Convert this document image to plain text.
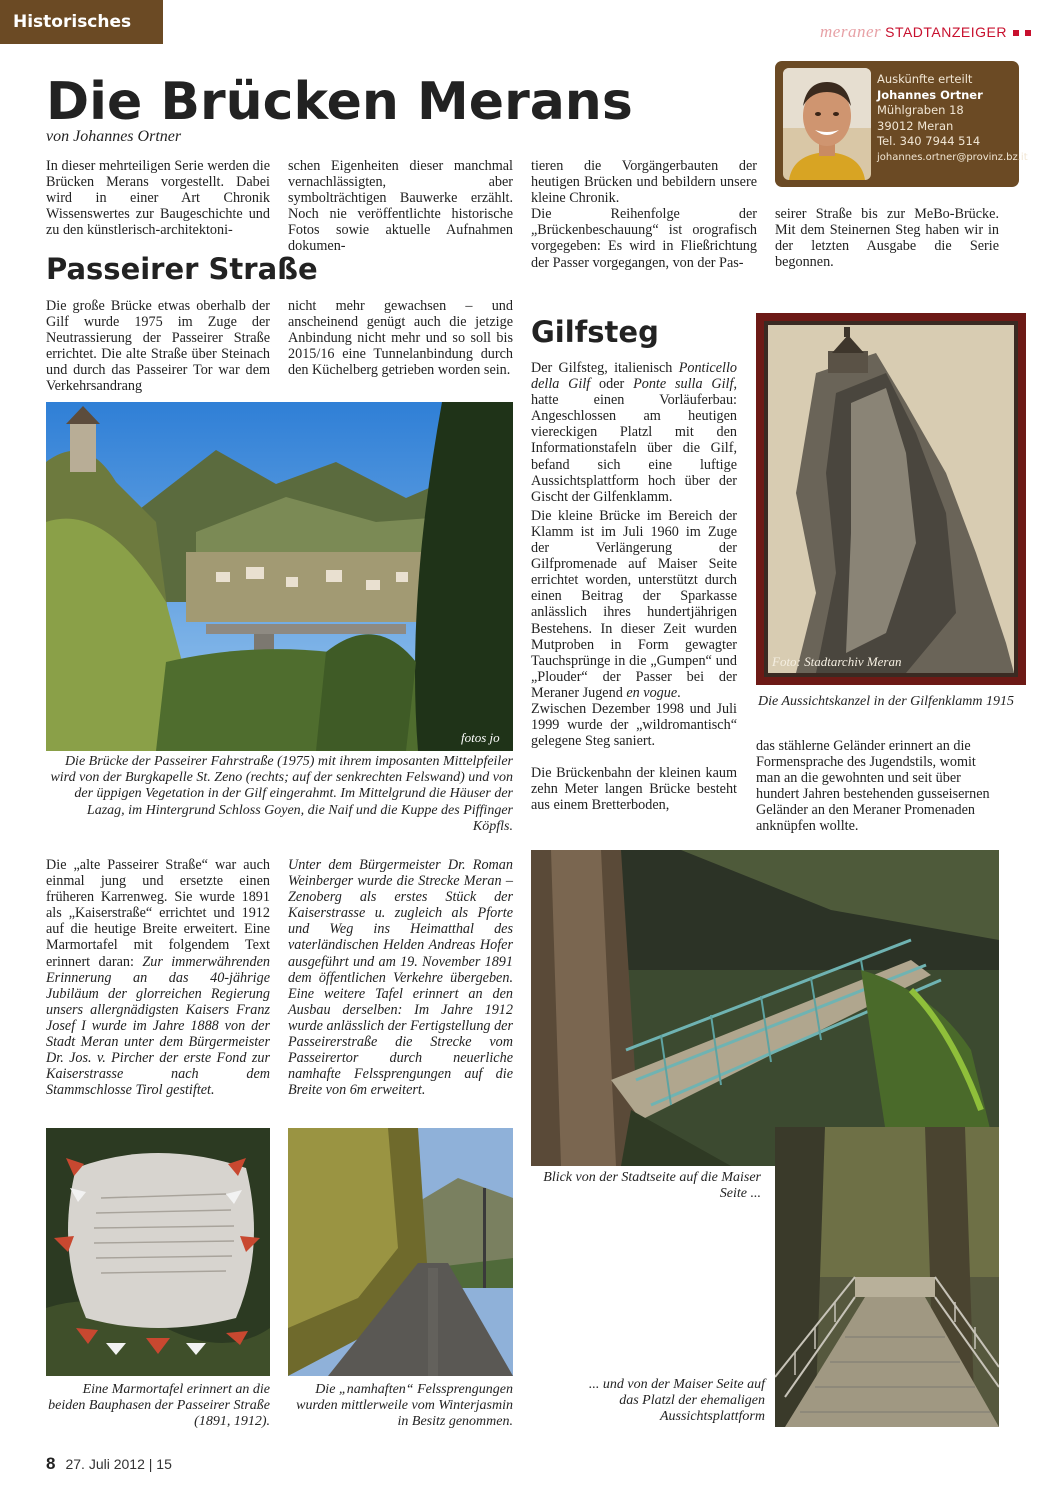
Historisches	meraner STADTANZEIGER
Die Brücken Merans
von Johannes Ortner
Auskünfte erteilt
Johannes Ortner
Mühlgraben 18
39012 Meran
Tel. 340 7944 514
johannes.ortner@provinz.bz.it
In dieser mehrteiligen Serie werden die Brücken Merans vorgestellt. Dabei wird in einer Art Chronik Wissenswertes zur Baugeschichte und zu den künstlerisch-architektoni-
schen Eigenheiten dieser manchmal vernachlässigten, aber symbolträchtigen Bauwerke erzählt. Noch nie veröffentlichte historische Fotos sowie aktuelle Aufnahmen dokumen-
tieren die Vorgängerbauten der heutigen Brücken und bebildern unsere kleine Chronik.
Die Reihenfolge der „Brückenbeschauung“ ist orografisch vorgegeben: Es wird in Fließrichtung der Passer vorgegangen, von der Pas-
seirer Straße bis zur MeBo-Brücke. Mit dem Steinernen Steg haben wir in der letzten Ausgabe die Serie begonnen.
Passeirer Straße
Die große Brücke etwas oberhalb der Gilf wurde 1975 im Zuge der Neutrassierung der Passeirer Straße errichtet. Die alte Straße über Steinach und durch das Passeirer Tor war dem Verkehrsandrang
nicht mehr gewachsen – und anscheinend genügt auch die jetzige Anbindung nicht mehr und so soll bis 2015/16 eine Tunnelanbindung durch den Küchelberg getrieben worden sein.
fotos jo
Die Brücke der Passeirer Fahrstraße (1975) mit ihrem imposanten Mittelpfeiler wird von der Burgkapelle St. Zeno (rechts; auf der senkrechten Felswand) und von der üppigen Vegetation in der Gilf eingerahmt. Im Mittelgrund die Häuser der Lazag, im Hintergrund Schloss Goyen, die Naif und die Kuppe des Piffinger Köpfls.
Die „alte Passeirer Straße“ war auch einmal jung und ersetzte einen früheren Karrenweg. Sie wurde 1891 als „Kaiserstraße“ errichtet und 1912 auf die heutige Breite erweitert. Eine Marmortafel mit folgendem Text erinnert daran: Zur immerwährenden Erinnerung an das 40-jährige Jubiläum der glorreichen Regierung unsers allergnädigsten Kaisers Franz Josef I wurde im Jahre 1888 von der Stadt Meran unter dem Bürgermeister Dr. Jos. v. Pircher der erste Fond zur Kaiserstrasse nach dem Stammschlosse Tirol gestiftet.
Unter dem Bürgermeister Dr. Roman Weinberger wurde die Strecke Meran – Zenoberg als erstes Stück der Kaiserstrasse u. zugleich als Pforte und Weg ins Heimatthal des vaterländischen Helden Andreas Hofer ausgeführt und am 19. November 1891 dem öffentlichen Verkehre übergeben. Eine weitere Tafel erinnert an den Ausbau derselben: Im Jahre 1912 wurde anlässlich der Fertigstellung der Passeirerstraße die Strecke vom Passeirertor durch neuerliche namhafte Felssprengungen auf die Breite von 6m erweitert.
Eine Marmortafel erinnert an die beiden Bauphasen der Passeirer Straße (1891, 1912).
Die „namhaften“ Felssprengungen wurden mittlerweile vom Winterjasmin in Besitz genommen.
Gilfsteg
Der Gilfsteg, italienisch Ponticello della Gilf oder Ponte sulla Gilf, hatte einen Vorläuferbau: Angeschlossen am heutigen viereckigen Platzl mit den Informationstafeln über die Gilf, befand sich eine luftige Aussichtsplattform hoch über der Gischt der Gilfenklamm.
Die kleine Brücke im Bereich der Klamm ist im Juli 1960 im Zuge der Verlängerung der Gilfpromenade auf Maiser Seite errichtet worden, unterstützt durch einen Beitrag der Sparkasse anlässlich ihres hundertjährigen Bestehens. In dieser Zeit wurden Mutproben in Form gewagter Tauchsprünge in die „Gumpen“ und „Plouder“ der Passer bei der Meraner Jugend en vogue.
Zwischen Dezember 1998 und Juli 1999 wurde der „wildromantisch“ gelegene Steg saniert.
Die Brückenbahn der kleinen kaum zehn Meter langen Brücke besteht aus einem Bretterboden,
Foto: Stadtarchiv Meran
Die Aussichtskanzel in der Gilfenklamm 1915
das stählerne Geländer erinnert an die Formensprache des Jugendstils, womit man an die gewohnten und seit über hundert Jahren bestehenden gusseisernen Geländer an den Meraner Promenaden anknüpfen wollte.
Blick von der Stadtseite auf die Maiser Seite ...
... und von der Maiser Seite auf das Platzl der ehemaligen Aussichtsplattform
8 27. Juli 2012 | 15
